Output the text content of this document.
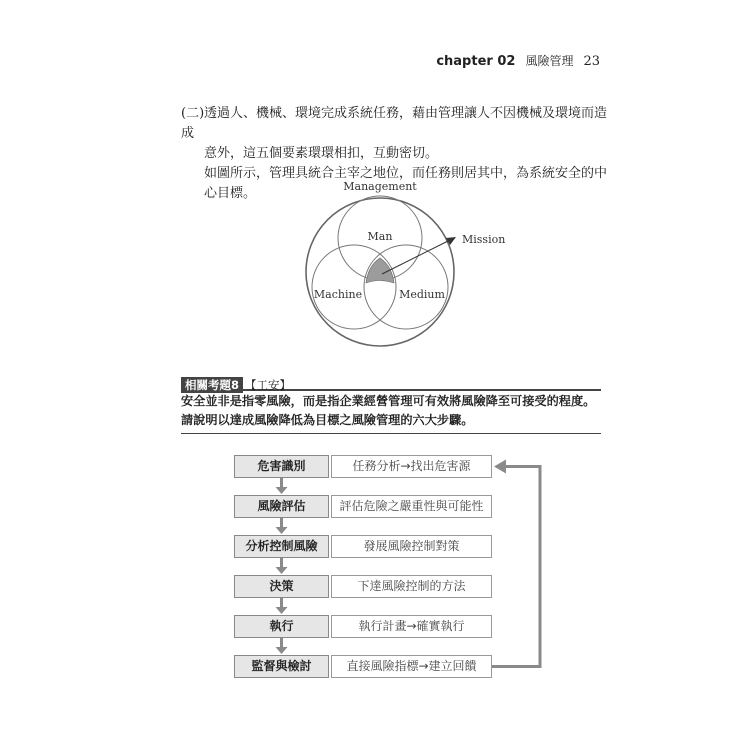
chapter 02 風險管理 23
(二)透過人、機械、環境完成系統任務，藉由管理讓人不因機械及環境而造成
意外，這五個要素環環相扣，互動密切。
如圖所示，管理具統合主宰之地位，而任務則居其中，為系統安全的中
心目標。	Management
Man
Machine	Medium
Mission
相關考題8 【工安】
安全並非是指零風險，而是指企業經營管理可有效將風險降至可接受的程度。
請說明以達成風險降低為目標之風險管理的六大步驟。
危害識別	任務分析→找出危害源
風險評估	評估危險之嚴重性與可能性
分析控制風險	發展風險控制對策
決策	下達風險控制的方法
執行	執行計畫→確實執行
監督與檢討	直接風險指標→建立回饋
